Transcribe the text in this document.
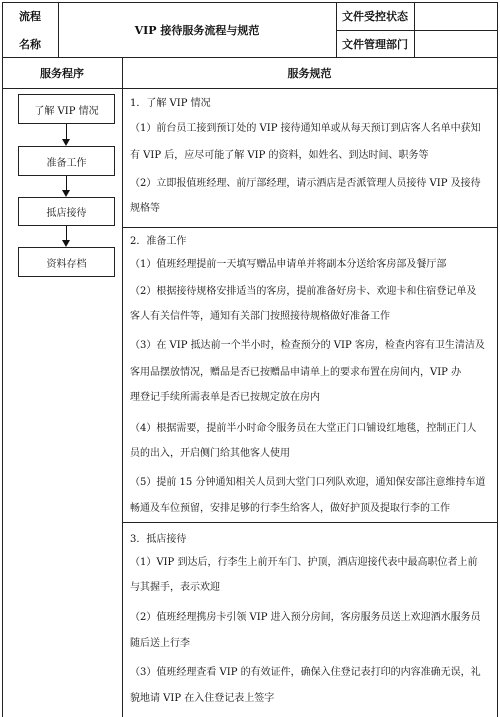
流程
名称
VIP 接待服务流程与规范
文件受控状态
文件管理部门
服务程序	服务规范
了解 VIP 情况
准备工作
抵店接待
资料存档
1．了解 VIP 情况
（1）前台员工接到预订处的 VIP 接待通知单或从每天预订到店客人名单中获知
有 VIP 后，应尽可能了解 VIP 的资料，如姓名、到达时间、职务等
（2）立即报值班经理、前厅部经理，请示酒店是否派管理人员接待 VIP 及接待
规格等
2．准备工作
（1）值班经理提前一天填写赠品申请单并将副本分送给客房部及餐厅部
（2）根据接待规格安排适当的客房，提前准备好房卡、欢迎卡和住宿登记单及
客人有关信件等，通知有关部门按照接待规格做好准备工作
（3）在 VIP 抵达前一个半小时，检查预分的 VIP 客房，检查内容有卫生清洁及
客用品摆放情况，赠品是否已按赠品申请单上的要求布置在房间内，VIP 办
理登记手续所需表单是否已按规定放在房内
（4）根据需要，提前半小时命令服务员在大堂正门口铺设红地毯，控制正门人
员的出入，开启侧门给其他客人使用
（5）提前 15 分钟通知相关人员到大堂门口列队欢迎，通知保安部注意维持车道
畅通及车位预留，安排足够的行李生给客人，做好护顶及提取行李的工作
3．抵店接待
（1）VIP 到达后，行李生上前开车门、护顶，酒店迎接代表中最高职位者上前
与其握手，表示欢迎
（2）值班经理携房卡引领 VIP 进入预分房间，客房服务员送上欢迎酒水服务员
随后送上行李
（3）值班经理查看 VIP 的有效证件，确保入住登记表打印的内容准确无误，礼
貌地请 VIP 在入住登记表上签字
